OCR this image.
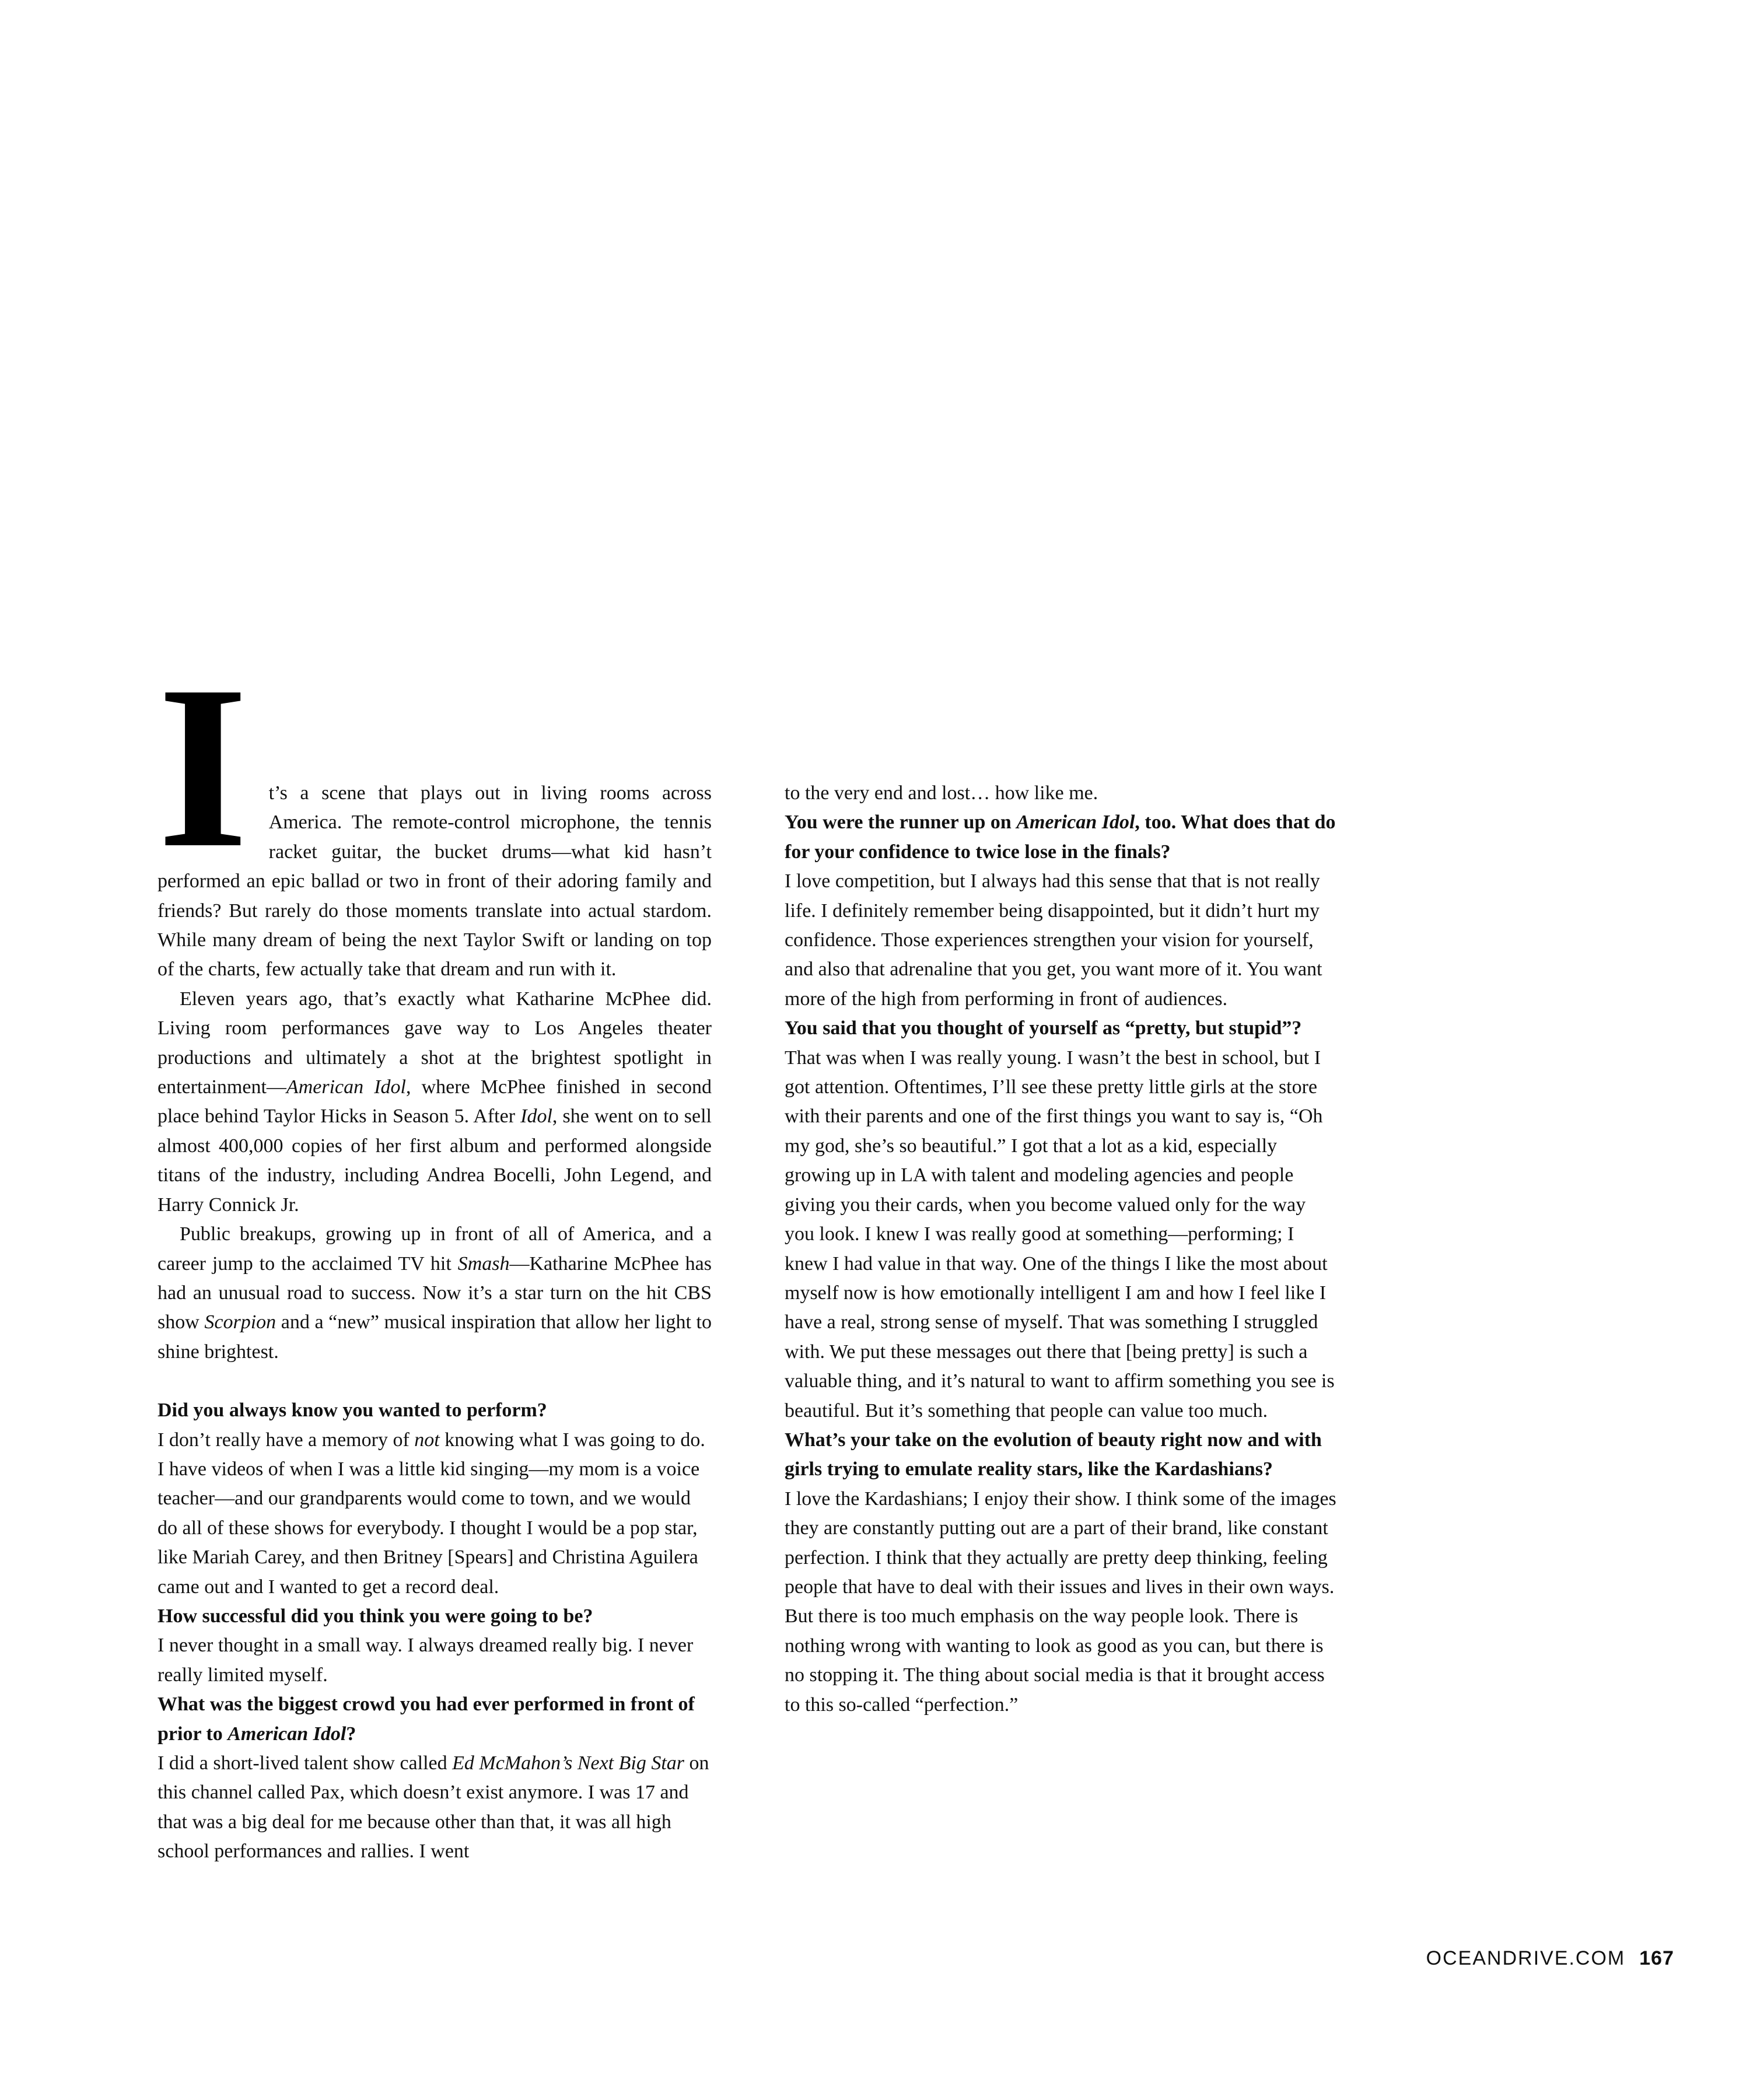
I t’s a scene that plays out in living rooms across America. The remote-control microphone, the tennis racket guitar, the bucket drums—what kid hasn’t performed an epic ballad or two in front of their adoring family and friends? But rarely do those moments translate into actual stardom. While many dream of being the next Taylor Swift or landing on top of the charts, few actually take that dream and run with it.

Eleven years ago, that’s exactly what Katharine McPhee did. Living room performances gave way to Los Angeles theater productions and ultimately a shot at the brightest spotlight in entertainment—American Idol, where McPhee finished in second place behind Taylor Hicks in Season 5. After Idol, she went on to sell almost 400,000 copies of her first album and performed alongside titans of the industry, including Andrea Bocelli, John Legend, and Harry Connick Jr.

Public breakups, growing up in front of all of America, and a career jump to the acclaimed TV hit Smash—Katharine McPhee has had an unusual road to success. Now it’s a star turn on the hit CBS show Scorpion and a “new” musical inspiration that allow her light to shine brightest.

Did you always know you wanted to perform?

I don’t really have a memory of not knowing what I was going to do. I have videos of when I was a little kid singing—my mom is a voice teacher—and our grandparents would come to town, and we would do all of these shows for everybody. I thought I would be a pop star, like Mariah Carey, and then Britney [Spears] and Christina Aguilera came out and I wanted to get a record deal.

How successful did you think you were going to be?

I never thought in a small way. I always dreamed really big. I never really limited myself.

What was the biggest crowd you had ever performed in front of prior to American Idol?

I did a short-lived talent show called Ed McMahon’s Next Big Star on this channel called Pax, which doesn’t exist anymore. I was 17 and that was a big deal for me because other than that, it was all high school performances and rallies. I went

to the very end and lost… how like me.

You were the runner up on American Idol, too. What does that do for your confidence to twice lose in the finals?

I love competition, but I always had this sense that that is not really life. I definitely remember being disappointed, but it didn’t hurt my confidence. Those experiences strengthen your vision for yourself, and also that adrenaline that you get, you want more of it. You want more of the high from performing in front of audiences.

You said that you thought of yourself as “pretty, but stupid”?

That was when I was really young. I wasn’t the best in school, but I got attention. Oftentimes, I’ll see these pretty little girls at the store with their parents and one of the first things you want to say is, “Oh my god, she’s so beautiful.” I got that a lot as a kid, especially growing up in LA with talent and modeling agencies and people giving you their cards, when you become valued only for the way you look. I knew I was really good at something—performing; I knew I had value in that way. One of the things I like the most about myself now is how emotionally intelligent I am and how I feel like I have a real, strong sense of myself. That was something I struggled with. We put these messages out there that [being pretty] is such a valuable thing, and it’s natural to want to affirm something you see is beautiful. But it’s something that people can value too much.

What’s your take on the evolution of beauty right now and with girls trying to emulate reality stars, like the Kardashians?

I love the Kardashians; I enjoy their show. I think some of the images they are constantly putting out are a part of their brand, like constant perfection. I think that they actually are pretty deep thinking, feeling people that have to deal with their issues and lives in their own ways. But there is too much emphasis on the way people look. There is nothing wrong with wanting to look as good as you can, but there is no stopping it. The thing about social media is that it brought access to this so-called “perfection.”

OCEANDRIVE.COM 167
